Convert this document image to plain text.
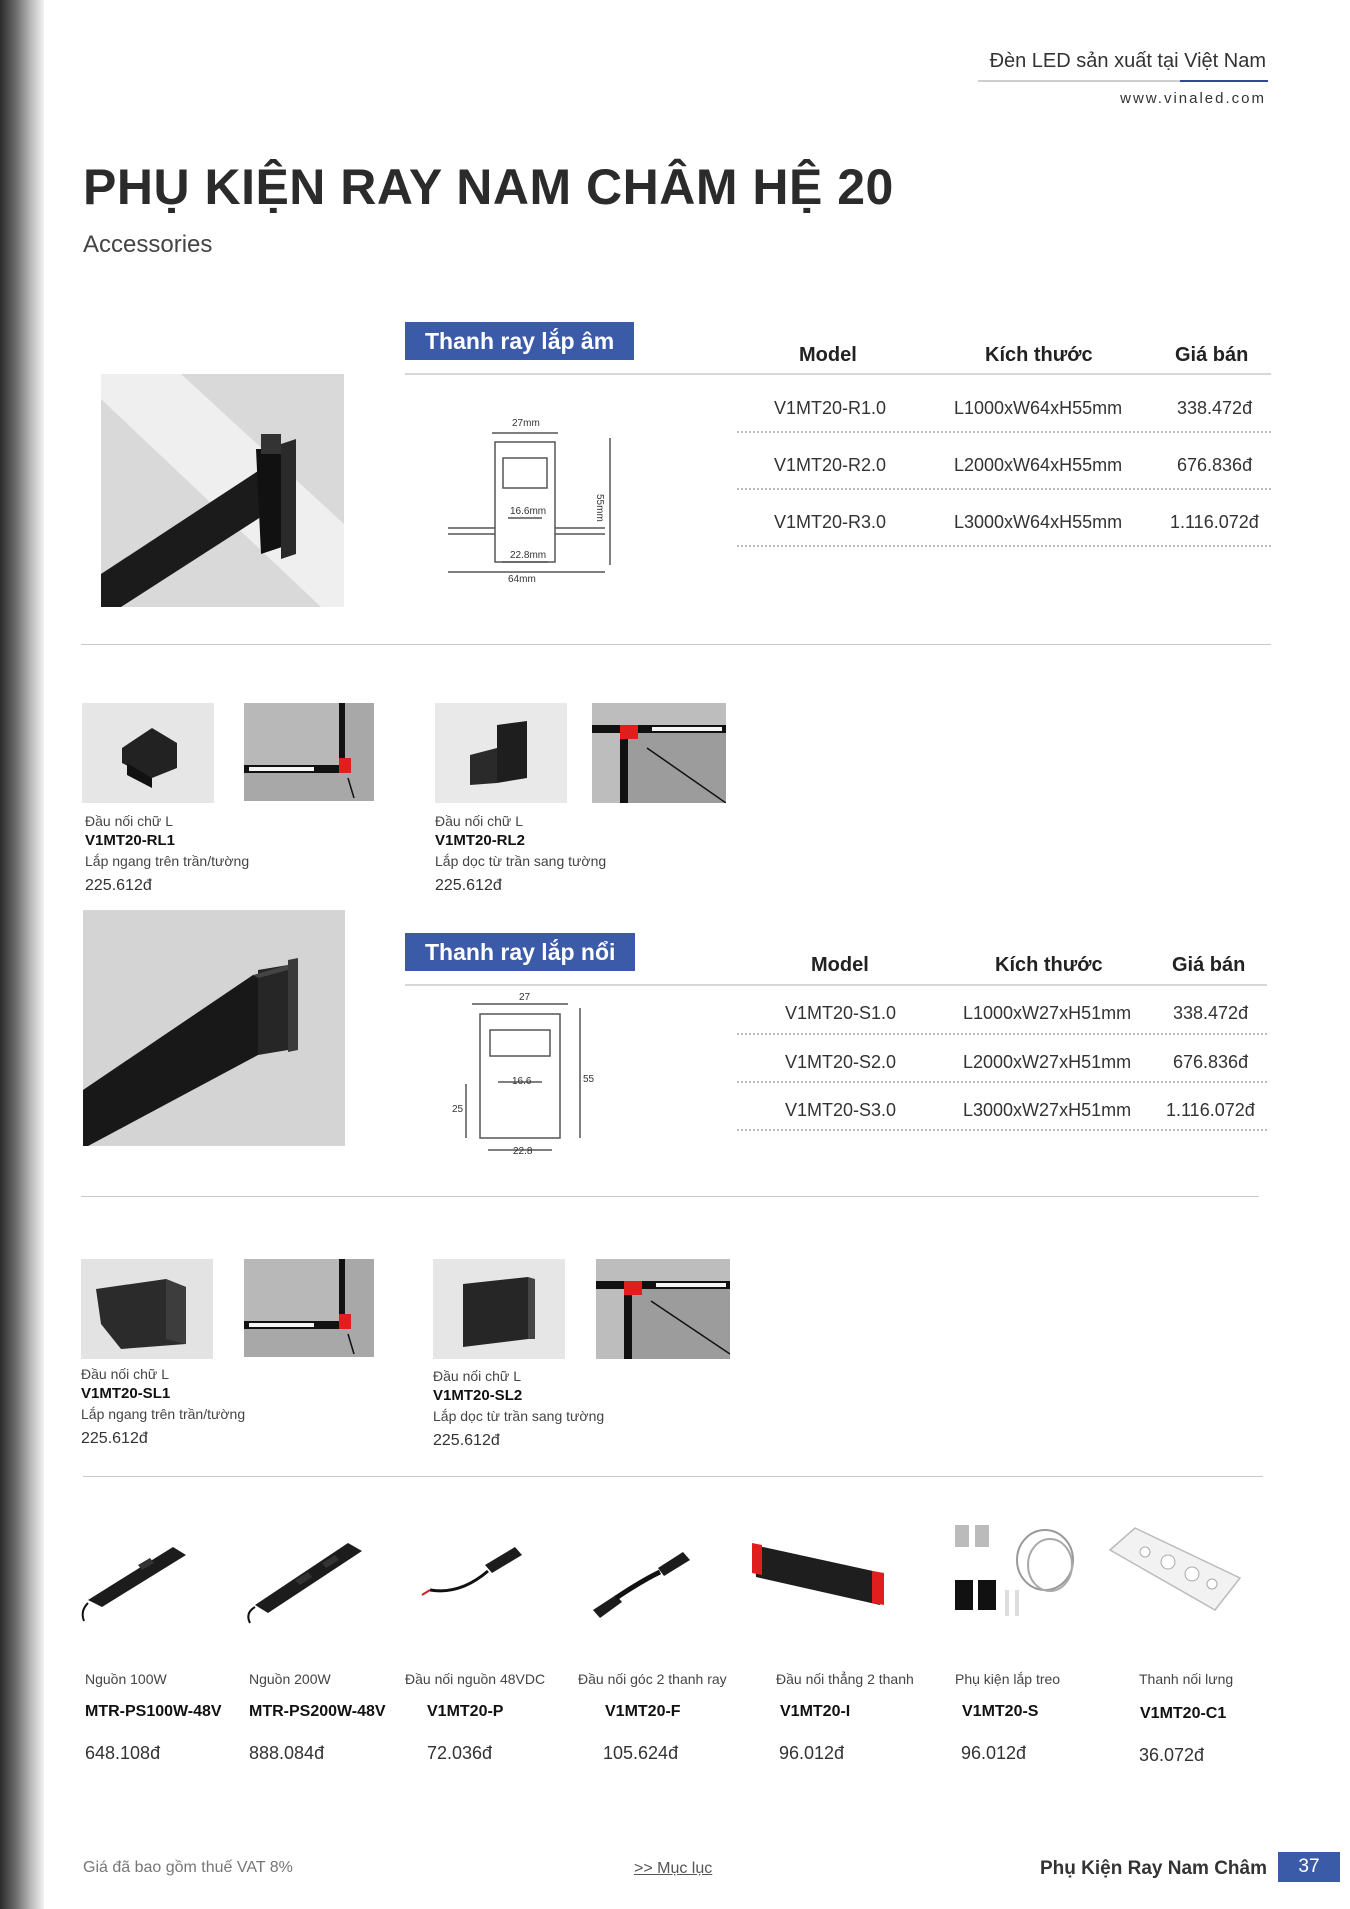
Đèn LED sản xuất tại Việt Nam
www.vinaled.com
PHỤ KIỆN RAY NAM CHÂM HỆ 20
Accessories
Thanh ray lắp âm
Model	Kích thước	Giá bán
V1MT20-R1.0	L1000xW64xH55mm	338.472đ
V1MT20-R2.0	L2000xW64xH55mm	676.836đ
V1MT20-R3.0	L3000xW64xH55mm	1.116.072đ
27mm
16.6mm
22.8mm
64mm
55mm
Đầu nối chữ L
V1MT20-RL1
Lắp ngang trên trần/tường
225.612đ
Đầu nối chữ L
V1MT20-RL2
Lắp dọc từ trần sang tường
225.612đ
Thanh ray lắp nổi	Model	Kích thước	Giá bán
V1MT20-S1.0	L1000xW27xH51mm 338.472đ
V1MT20-S2.0	L2000xW27xH51mm 676.836đ
V1MT20-S3.0	L3000xW27xH51mm 1.116.072đ
27
16.6
22.8
25
55
Đầu nối chữ L
V1MT20-SL1
Lắp ngang trên trần/tường
225.612đ
Đầu nối chữ L
V1MT20-SL2
Lắp dọc từ trần sang tường
225.612đ
Nguồn 100W
MTR-PS100W-48V
648.108đ
Nguồn 200W
MTR-PS200W-48V
888.084đ
Đầu nối nguồn 48VDC
V1MT20-P
72.036đ
Đầu nối góc 2 thanh ray
V1MT20-F
105.624đ
Đầu nối thẳng 2 thanh
V1MT20-I
96.012đ
Phụ kiện lắp treo
V1MT20-S
96.012đ
Thanh nối lưng
V1MT20-C1
36.072đ
Giá đã bao gồm thuế VAT 8%	>> Mục lục	Phụ Kiện Ray Nam Châm	37
